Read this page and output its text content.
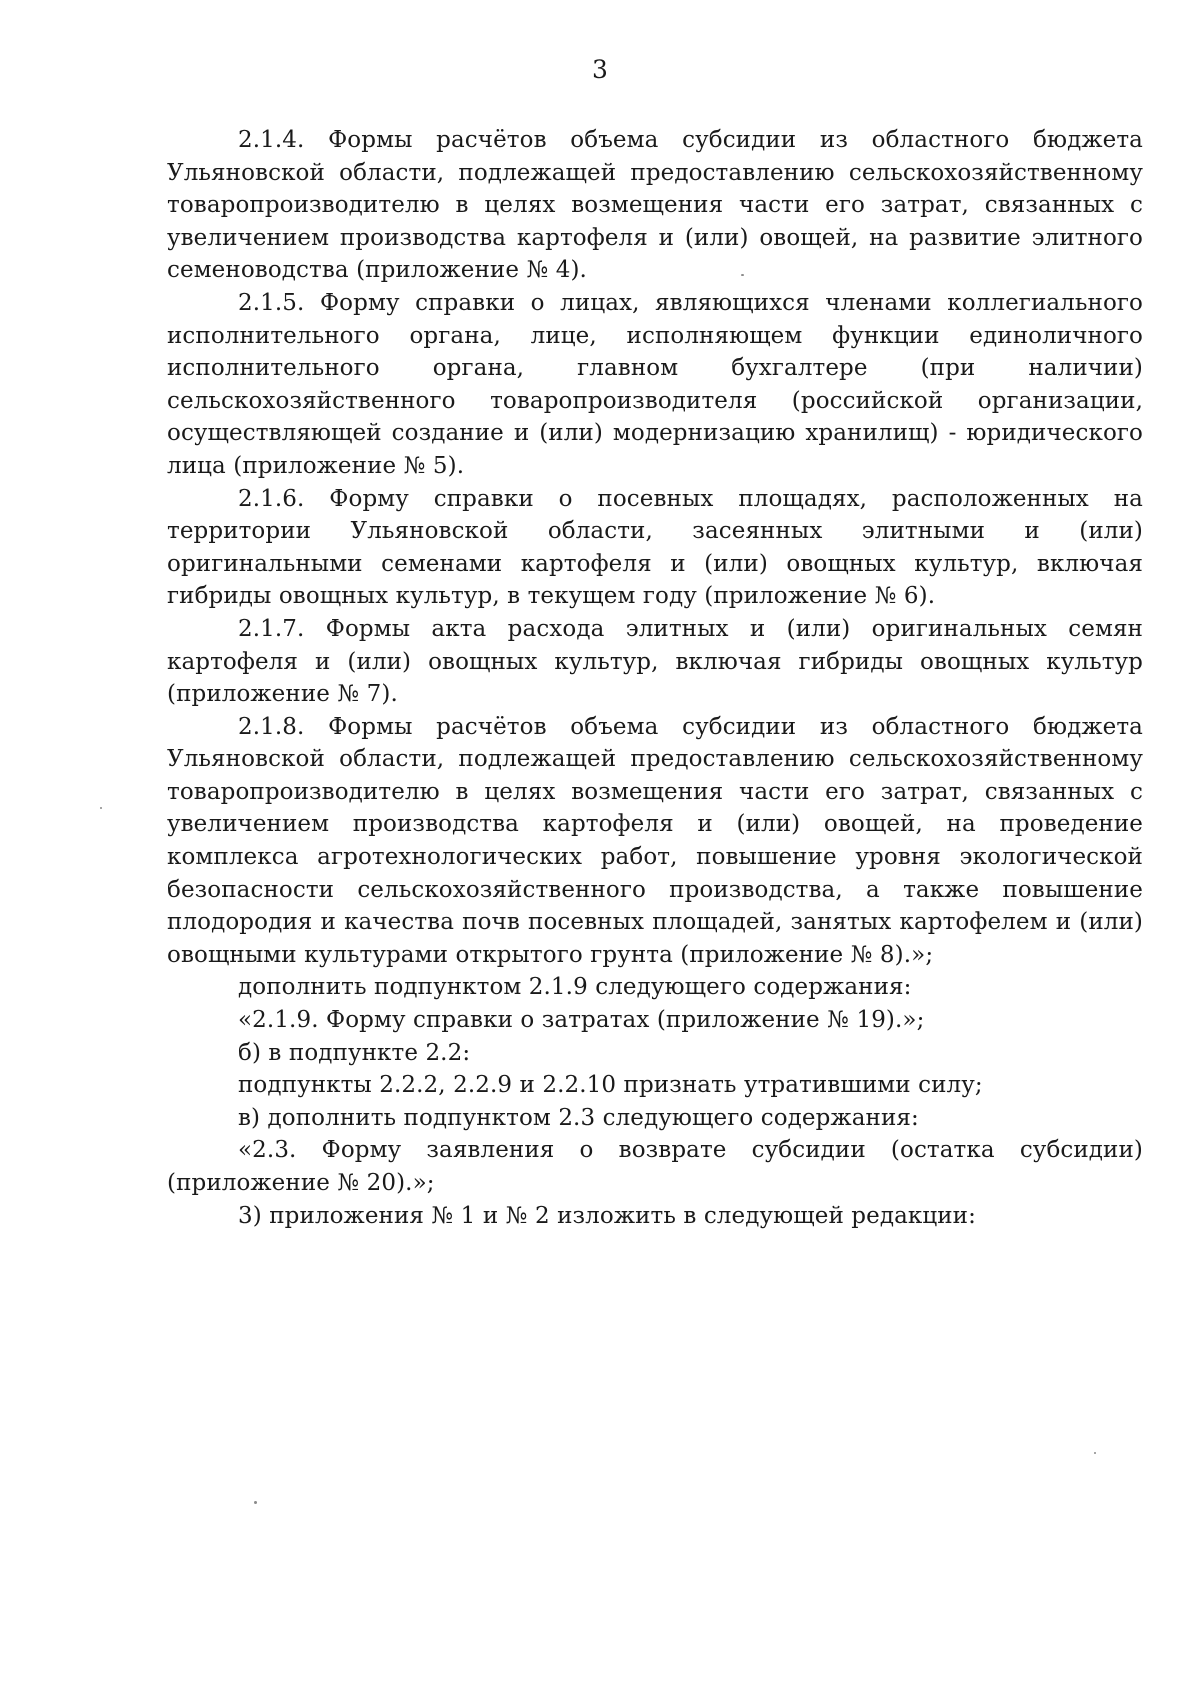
3

2.1.4. Формы расчётов объема субсидии из областного бюджета Ульяновской области, подлежащей предоставлению сельскохозяйственному товаропроизводителю в целях возмещения части его затрат, связанных с увеличением производства картофеля и (или) овощей, на развитие элитного семеноводства (приложение № 4).

2.1.5. Форму справки о лицах, являющихся членами коллегиального исполнительного органа, лице, исполняющем функции единоличного исполнительного органа, главном бухгалтере (при наличии) сельскохозяйственного товаропроизводителя (российской организации, осуществляющей создание и (или) модернизацию хранилищ) - юридического лица (приложение № 5).

2.1.6. Форму справки о посевных площадях, расположенных на территории Ульяновской области, засеянных элитными и (или) оригинальными семенами картофеля и (или) овощных культур, включая гибриды овощных культур, в текущем году (приложение № 6).

2.1.7. Формы акта расхода элитных и (или) оригинальных семян картофеля и (или) овощных культур, включая гибриды овощных культур (приложение № 7).

2.1.8. Формы расчётов объема субсидии из областного бюджета Ульяновской области, подлежащей предоставлению сельскохозяйственному товаропроизводителю в целях возмещения части его затрат, связанных с увеличением производства картофеля и (или) овощей, на проведение комплекса агротехнологических работ, повышение уровня экологической безопасности сельскохозяйственного производства, а также повышение плодородия и качества почв посевных площадей, занятых картофелем и (или) овощными культурами открытого грунта (приложение № 8).»;

дополнить подпунктом 2.1.9 следующего содержания:

«2.1.9. Форму справки о затратах (приложение № 19).»;

б) в подпункте 2.2:

подпункты 2.2.2, 2.2.9 и 2.2.10 признать утратившими силу;

в) дополнить подпунктом 2.3 следующего содержания:

«2.3. Форму заявления о возврате субсидии (остатка субсидии) (приложение № 20).»;

3) приложения № 1 и № 2 изложить в следующей редакции:
